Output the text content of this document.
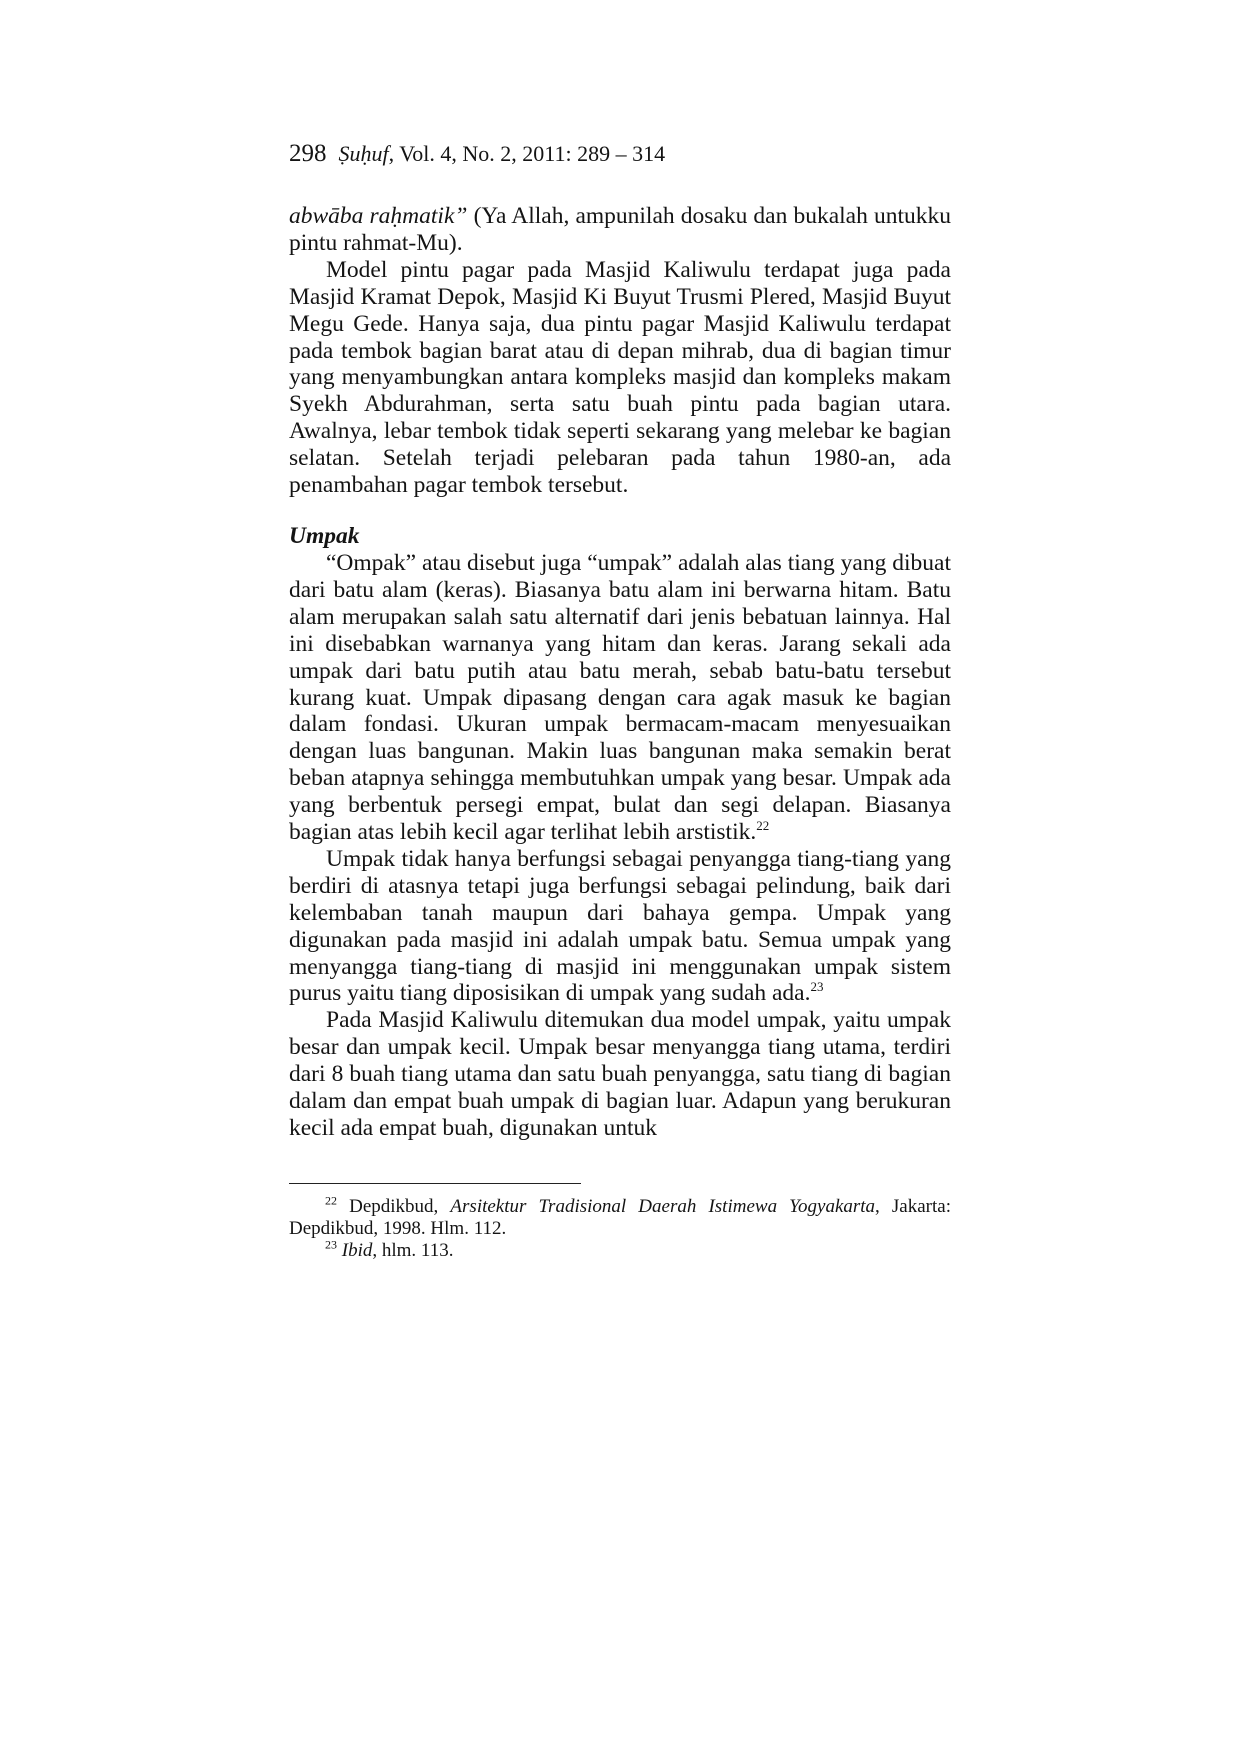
298 Ṣuḥuf, Vol. 4, No. 2, 2011: 289 – 314

abwāba raḥmatik” (Ya Allah, ampunilah dosaku dan bukalah untukku pintu rahmat-Mu).

Model pintu pagar pada Masjid Kaliwulu terdapat juga pada Masjid Kramat Depok, Masjid Ki Buyut Trusmi Plered, Masjid Buyut Megu Gede. Hanya saja, dua pintu pagar Masjid Kaliwulu terdapat pada tembok bagian barat atau di depan mihrab, dua di bagian timur yang menyambungkan antara kompleks masjid dan kompleks makam Syekh Abdurahman, serta satu buah pintu pada bagian utara. Awalnya, lebar tembok tidak seperti sekarang yang melebar ke bagian selatan. Setelah terjadi pelebaran pada tahun 1980-an, ada penambahan pagar tembok tersebut.

Umpak

“Ompak” atau disebut juga “umpak” adalah alas tiang yang dibuat dari batu alam (keras). Biasanya batu alam ini berwarna hitam. Batu alam merupakan salah satu alternatif dari jenis bebatuan lainnya. Hal ini disebabkan warnanya yang hitam dan keras. Jarang sekali ada umpak dari batu putih atau batu merah, sebab batu-batu tersebut kurang kuat. Umpak dipasang dengan cara agak masuk ke bagian dalam fondasi. Ukuran umpak bermacam-macam menyesuaikan dengan luas bangunan. Makin luas bangunan maka semakin berat beban atapnya sehingga membutuhkan umpak yang besar. Umpak ada yang berbentuk persegi empat, bulat dan segi delapan. Biasanya bagian atas lebih kecil agar terlihat lebih arstistik.$^{22}$

Umpak tidak hanya berfungsi sebagai penyangga tiang-tiang yang berdiri di atasnya tetapi juga berfungsi sebagai pelindung, baik dari kelembaban tanah maupun dari bahaya gempa. Umpak yang digunakan pada masjid ini adalah umpak batu. Semua umpak yang menyangga tiang-tiang di masjid ini menggunakan umpak sistem purus yaitu tiang diposisikan di umpak yang sudah ada.$^{23}$

Pada Masjid Kaliwulu ditemukan dua model umpak, yaitu umpak besar dan umpak kecil. Umpak besar menyangga tiang utama, terdiri dari 8 buah tiang utama dan satu buah penyangga, satu tiang di bagian dalam dan empat buah umpak di bagian luar. Adapun yang berukuran kecil ada empat buah, digunakan untuk

$^{22}$ Depdikbud, Arsitektur Tradisional Daerah Istimewa Yogyakarta, Jakarta: Depdikbud, 1998. Hlm. 112.

$^{23}$ Ibid, hlm. 113.
